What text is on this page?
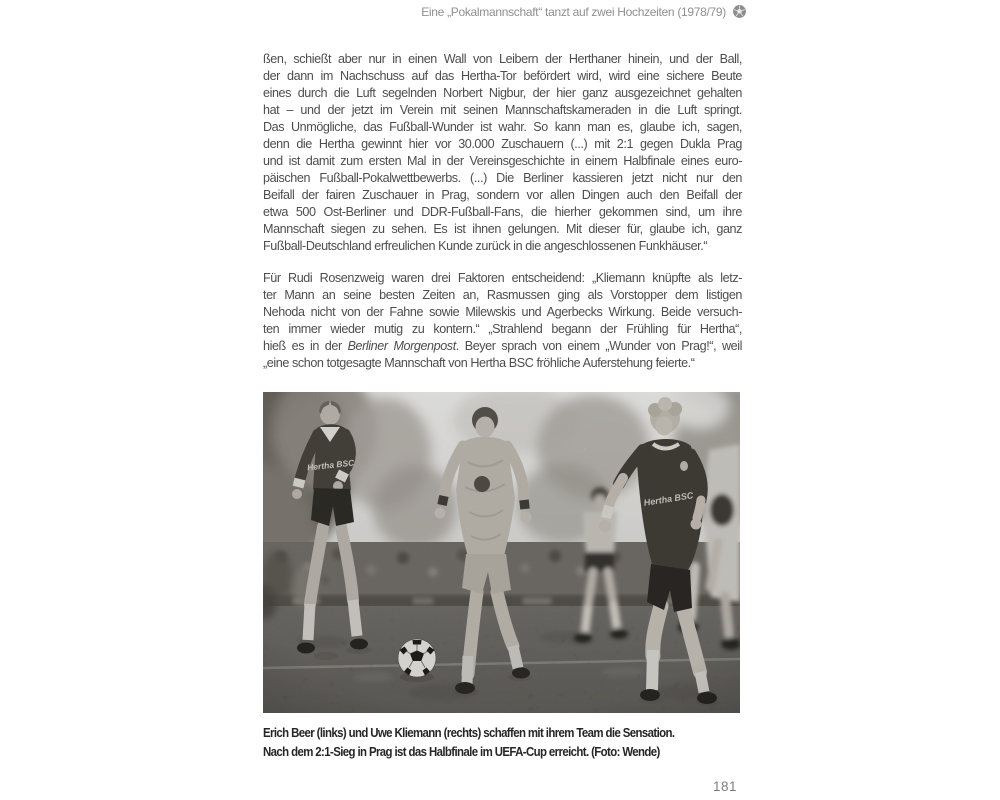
Eine „Pokalmannschaft“ tanzt auf zwei Hochzeiten (1978/79)
ßen, schießt aber nur in einen Wall von Leibern der Herthaner hinein, und der Ball,
der dann im Nachschuss auf das Hertha-Tor befördert wird, wird eine sichere Beute
eines durch die Luft segelnden Norbert Nigbur, der hier ganz ausgezeichnet gehalten
hat – und der jetzt im Verein mit seinen Mannschaftskameraden in die Luft springt.
Das Unmögliche, das Fußball-Wunder ist wahr. So kann man es, glaube ich, sagen,
denn die Hertha gewinnt hier vor 30.000 Zuschauern (...) mit 2:1 gegen Dukla Prag
und ist damit zum ersten Mal in der Vereinsgeschichte in einem Halbfinale eines euro-
päischen Fußball-Pokalwettbewerbs. (...) Die Berliner kassieren jetzt nicht nur den
Beifall der fairen Zuschauer in Prag, sondern vor allen Dingen auch den Beifall der
etwa 500 Ost-Berliner und DDR-Fußball-Fans, die hierher gekommen sind, um ihre
Mannschaft siegen zu sehen. Es ist ihnen gelungen. Mit dieser für, glaube ich, ganz
Fußball-Deutschland erfreulichen Kunde zurück in die angeschlossenen Funkhäuser.“
Für Rudi Rosenzweig waren drei Faktoren entscheidend: „Kliemann knüpfte als letz-
ter Mann an seine besten Zeiten an, Rasmussen ging als Vorstopper dem listigen
Nehoda nicht von der Fahne sowie Milewskis und Agerbecks Wirkung. Beide versuch-
ten immer wieder mutig zu kontern.“ „Strahlend begann der Frühling für Hertha“,
hieß es in der Berliner Morgenpost. Beyer sprach von einem „Wunder von Prag!“, weil
„eine schon totgesagte Mannschaft von Hertha BSC fröhliche Auferstehung feierte.“
Erich Beer (links) und Uwe Kliemann (rechts) schaffen mit ihrem Team die Sensation.
Nach dem 2:1-Sieg in Prag ist das Halbfinale im UEFA-Cup erreicht. (Foto: Wende)
181
